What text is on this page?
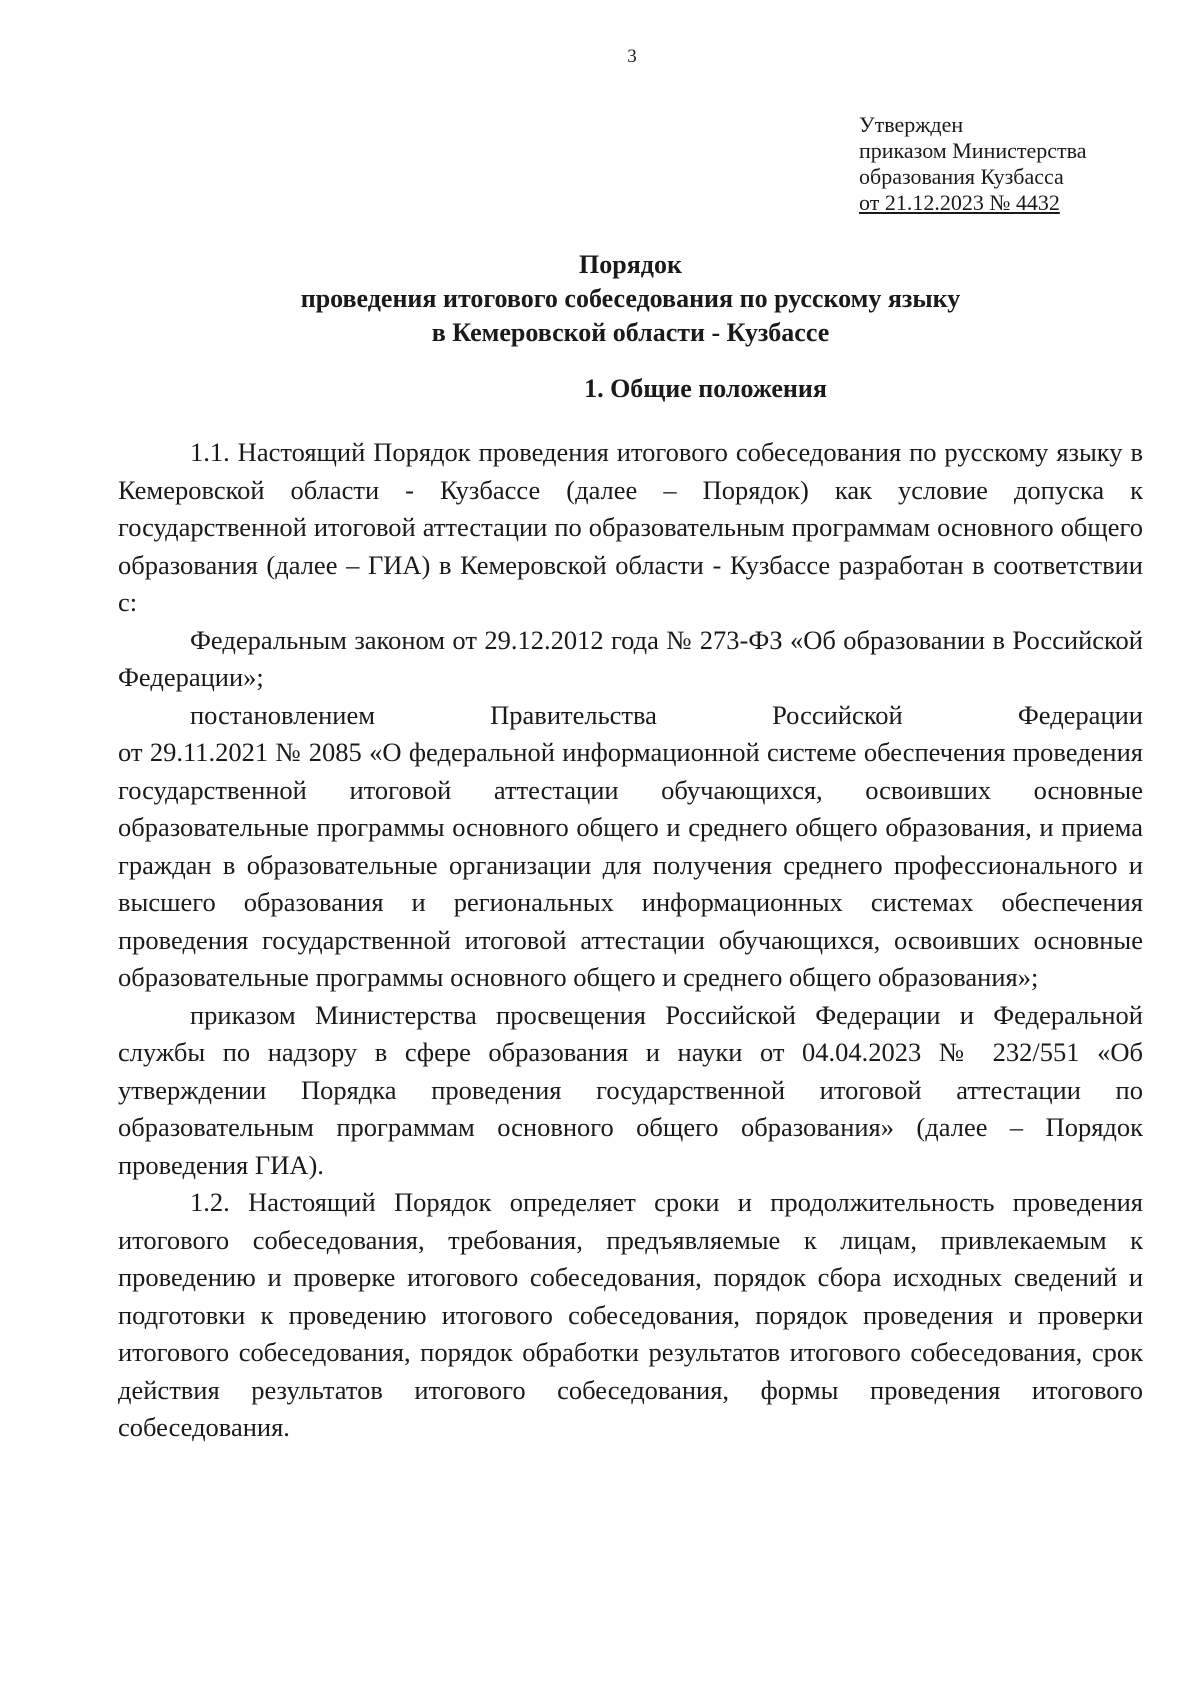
3
Утвержден
приказом Министерства
образования Кузбасса
от 21.12.2023 № 4432
Порядок
проведения итогового собеседования по русскому языку
в Кемеровской области - Кузбассе
1. Общие положения

1.1. Настоящий Порядок проведения итогового собеседования по русскому языку в Кемеровской области - Кузбассе (далее – Порядок) как условие допуска к государственной итоговой аттестации по образовательным программам основного общего образования (далее – ГИА) в Кемеровской области - Кузбассе разработан в соответствии с:

Федеральным законом от 29.12.2012 года № 273-ФЗ «Об образовании в Российской Федерации»;

постановлением Правительства Российской Федерации

от 29.11.2021 № 2085 «О федеральной информационной системе обеспечения проведения государственной итоговой аттестации обучающихся, освоивших основные образовательные программы основного общего и среднего общего образования, и приема граждан в образовательные организации для получения среднего профессионального и высшего образования и региональных информационных системах обеспечения проведения государственной итоговой аттестации обучающихся, освоивших основные образовательные программы основного общего и среднего общего образования»;

приказом Министерства просвещения Российской Федерации и Федеральной службы по надзору в сфере образования и науки от 04.04.2023 № 232/551 «Об утверждении Порядка проведения государственной итоговой аттестации по образовательным программам основного общего образования» (далее – Порядок проведения ГИА).

1.2. Настоящий Порядок определяет сроки и продолжительность проведения итогового собеседования, требования, предъявляемые к лицам, привлекаемым к проведению и проверке итогового собеседования, порядок сбора исходных сведений и подготовки к проведению итогового собеседования, порядок проведения и проверки итогового собеседования, порядок обработки результатов итогового собеседования, срок действия результатов итогового собеседования, формы проведения итогового собеседования.
